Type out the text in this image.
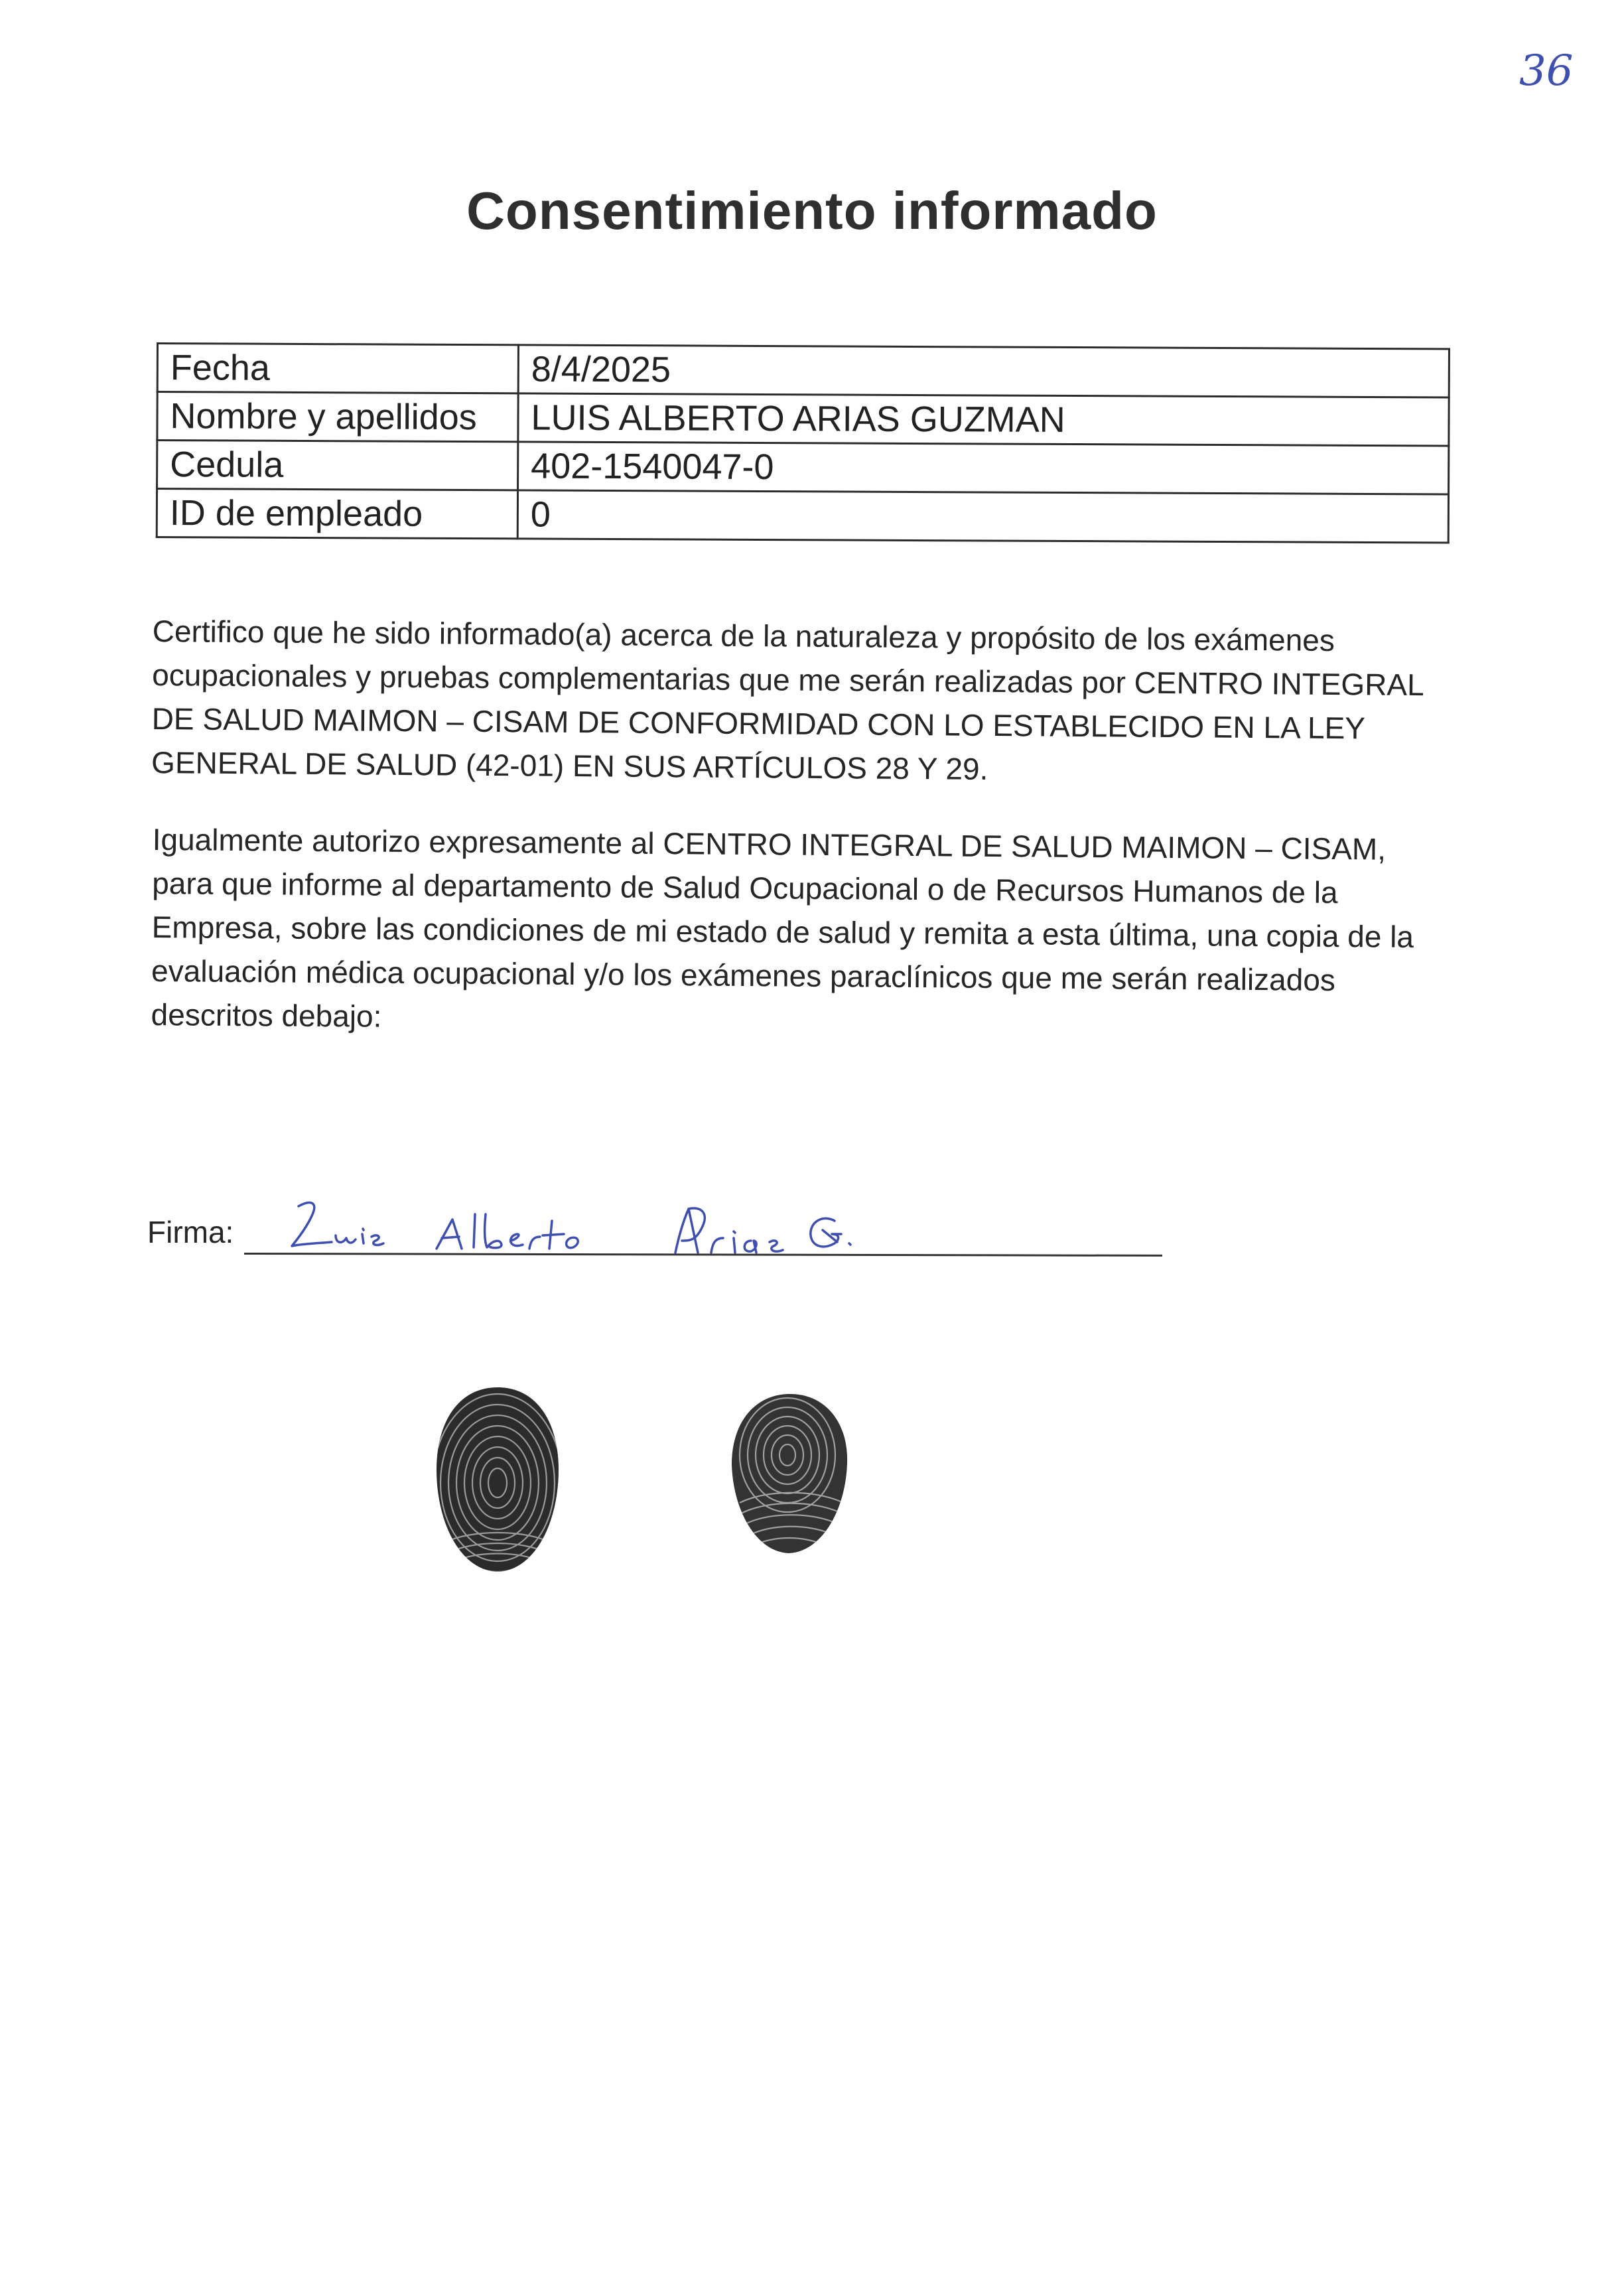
36
Consentimiento informado
Fecha	8/4/2025
Nombre y apellidos	LUIS ALBERTO ARIAS GUZMAN
Cedula	402-1540047-0
ID de empleado	0

Certifico que he sido informado(a) acerca de la naturaleza y propósito de los exámenes ocupacionales y pruebas complementarias que me serán realizadas por CENTRO INTEGRAL DE SALUD MAIMON – CISAM DE CONFORMIDAD CON LO ESTABLECIDO EN LA LEY GENERAL DE SALUD (42-01) EN SUS ARTÍCULOS 28 Y 29.

Igualmente autorizo expresamente al CENTRO INTEGRAL DE SALUD MAIMON – CISAM, para que informe al departamento de Salud Ocupacional o de Recursos Humanos de la Empresa, sobre las condiciones de mi estado de salud y remita a esta última, una copia de la evaluación médica ocupacional y/o los exámenes paraclínicos que me serán realizados descritos debajo:

Firma:
